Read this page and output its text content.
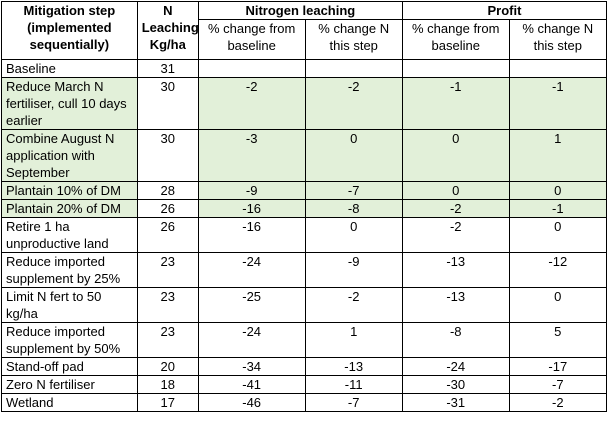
Mitigation step (implemented sequentially)	N Leaching Kg/ha	Nitrogen leaching		Profit	
		% change from baseline	% change N this step	% change from baseline	% change N this step
Baseline	31				
Reduce March N fertiliser, cull 10 days earlier	30	-2	-2	-1	-1
Combine August N application with September	30	-3	0	0	1
Plantain 10% of DM	28	-9	-7	0	0
Plantain 20% of DM	26	-16	-8	-2	-1
Retire 1 ha unproductive land	26	-16	0	-2	0
Reduce imported supplement by 25%	23	-24	-9	-13	-12
Limit N fert to 50 kg/ha	23	-25	-2	-13	0
Reduce imported supplement by 50%	23	-24	1	-8	5
Stand-off pad	20	-34	-13	-24	-17
Zero N fertiliser	18	-41	-11	-30	-7
Wetland	17	-46	-7	-31	-2
